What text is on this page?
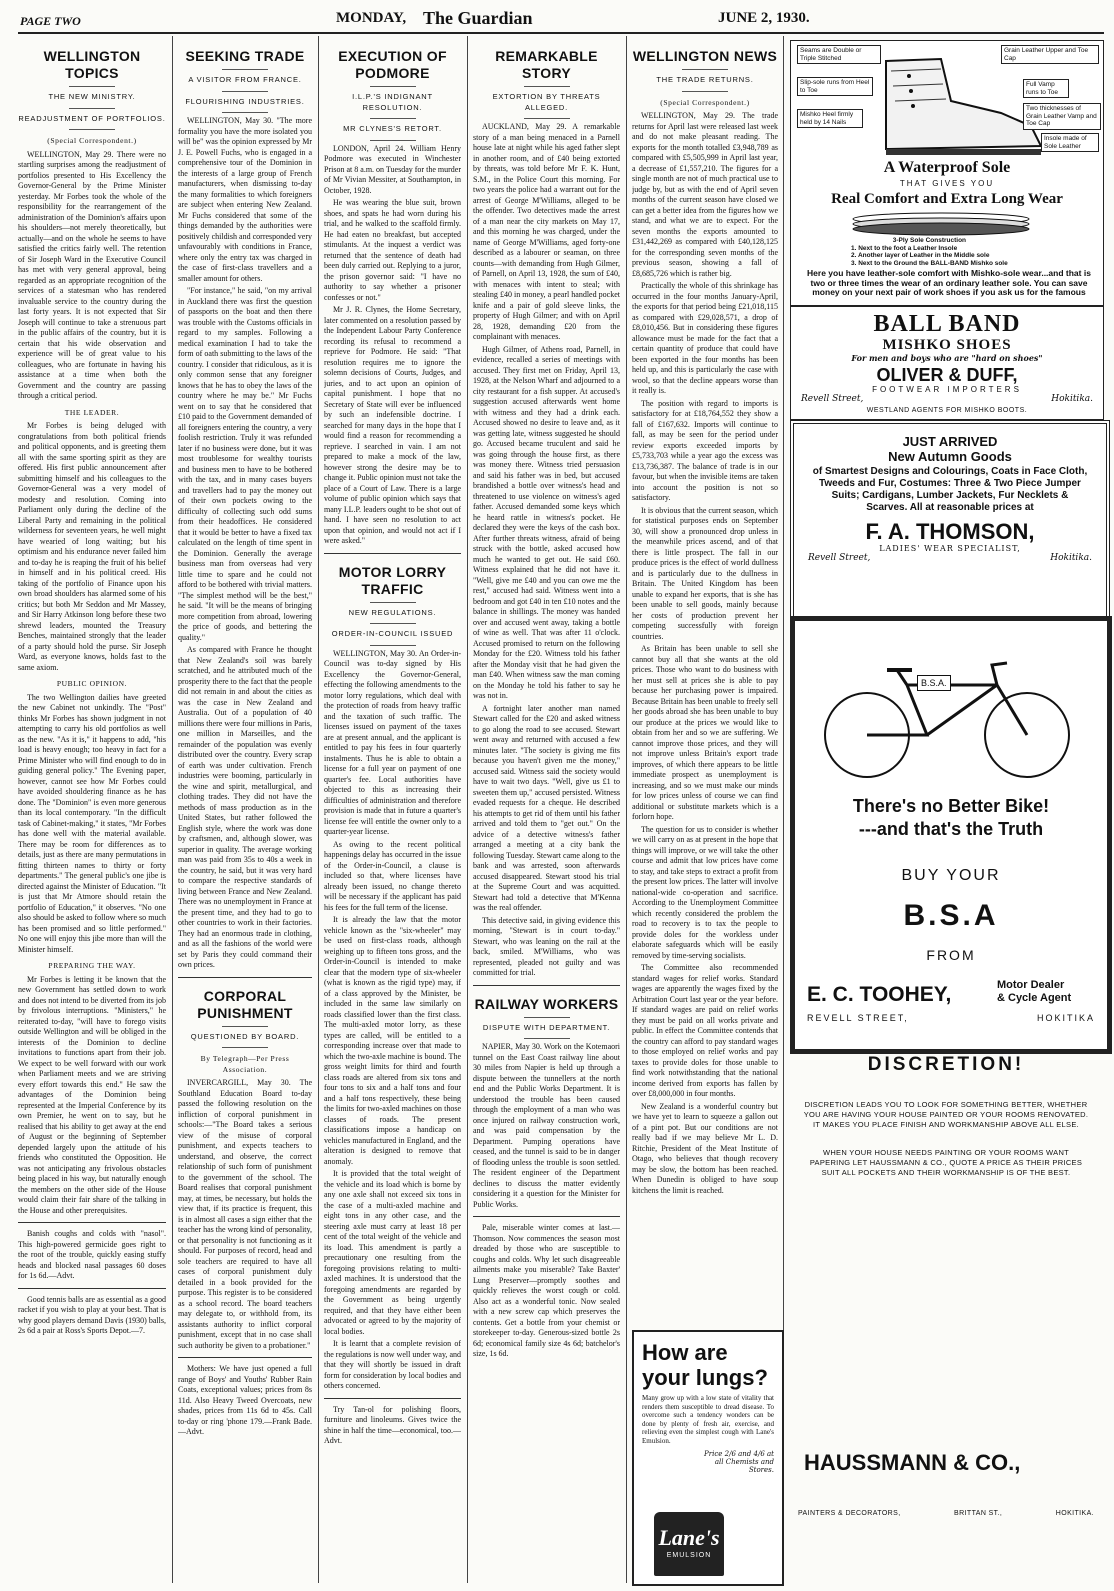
PAGE TWO	MONDAY, The Guardian	JUNE 2, 1930.
WELLINGTON TOPICS
THE NEW MINISTRY.
READJUSTMENT OF PORTFOLIOS.
(Special Correspondent.)

WELLINGTON, May 29. There were no startling surprises among the readjustment of portfolios presented to His Excellency the Governor-General by the Prime Minister yesterday. Mr Forbes took the whole of the responsibility for the rearrangement of the administration of the Dominion's affairs upon his shoulders—not merely theoretically, but actually—and on the whole he seems to have satisfied the critics fairly well. The retention of Sir Joseph Ward in the Executive Council has met with very general approval, being regarded as an appropriate recognition of the services of a statesman who has rendered invaluable service to the country during the last forty years. It is not expected that Sir Joseph will continue to take a strenuous part in the public affairs of the country, but it is certain that his wide observation and experience will be of great value to his colleagues, who are fortunate in having his assistance at a time when both the Government and the country are passing through a critical period.

THE LEADER.

Mr Forbes is being deluged with congratulations from both political friends and political opponents, and is greeting them all with the same sporting spirit as they are offered. His first public announcement after submitting himself and his colleagues to the Governor-General was a very model of modesty and resolution. Coming into Parliament only during the decline of the Liberal Party and remaining in the political wilderness for seventeen years, he well might have wearied of long waiting; but his optimism and his endurance never failed him and to-day he is reaping the fruit of his belief in himself and in his political creed. His taking of the portfolio of Finance upon his own broad shoulders has alarmed some of his critics; but both Mr Seddon and Mr Massey, and Sir Harry Atkinson long before these two shrewd leaders, mounted the Treasury Benches, maintained strongly that the leader of a party should hold the purse. Sir Joseph Ward, as everyone knows, holds fast to the same axiom.

PUBLIC OPINION.

The two Wellington dailies have greeted the new Cabinet not unkindly. The "Post" thinks Mr Forbes has shown judgment in not attempting to carry his old portfolios as well as the new. "As it is," it happens to add, "his load is heavy enough; too heavy in fact for a Prime Minister who will find enough to do in guiding general policy." The Evening paper, however, cannot see how Mr Forbes could have avoided shouldering finance as he has done. The "Dominion" is even more generous than its local contemporary. "In the difficult task of Cabinet-making," it states, "Mr Forbes has done well with the material available. There may be room for differences as to details, just as there are many permutations in fitting thirteen names to thirty or forty departments." The general public's one jibe is directed against the Minister of Education. "It is just that Mr Atmore should retain the portfolio of Education," it observes. "No one also should be asked to follow where so much has been promised and so little performed." No one will enjoy this jibe more than will the Minister himself.

PREPARING THE WAY.

Mr Forbes is letting it be known that the new Government has settled down to work and does not intend to be diverted from its job by frivolous interruptions. "Ministers," he reiterated to-day, "will have to forego visits outside Wellington and will be obliged in the interests of the Dominion to decline invitations to functions apart from their job. We expect to be well forward with our work when Parliament meets and we are striving every effort towards this end." He saw the advantages of the Dominion being represented at the Imperial Conference by its own Premier, he went on to say, but he realised that his ability to get away at the end of August or the beginning of September depended largely upon the attitude of his friends who constituted the Opposition. He was not anticipating any frivolous obstacles being placed in his way, but naturally enough the members on the other side of the House would claim their fair share of the talking in the House and other prerequisites.

Banish coughs and colds with "nasol". This high-powered germicide goes right to the root of the trouble, quickly easing stuffy heads and blocked nasal passages 60 doses for 1s 6d.—Advt.

Good tennis balls are as essential as a good racket if you wish to play at your best. That is why good players demand Davis (1930) balls, 2s 6d a pair at Ross's Sports Depot.—7.

SEEKING TRADE
A VISITOR FROM FRANCE.
FLOURISHING INDUSTRIES.

WELLINGTON, May 30. "The more formality you have the more isolated you will be" was the opinion expressed by Mr J. E. Powell Fuchs, who is engaged in a comprehensive tour of the Dominion in the interests of a large group of French manufacturers, when dismissing to-day the many formalities to which foreigners are subject when entering New Zealand. Mr Fuchs considered that some of the things demanded by the authorities were positively childish and corresponded very unfavourably with conditions in France, where only the entry tax was charged in the case of first-class travellers and a smaller amount for others.

"For instance," he said, "on my arrival in Auckland there was first the question of passports on the boat and then there was trouble with the Customs officials in regard to my samples. Following a medical examination I had to take the form of oath submitting to the laws of the country. I consider that ridiculous, as it is only common sense that any foreigner knows that he has to obey the laws of the country where he may be." Mr Fuchs went on to say that he considered that £10 paid to the Government demanded of all foreigners entering the country, a very foolish restriction. Truly it was refunded later if no business were done, but it was most troublesome for wealthy tourists and business men to have to be bothered with the tax, and in many cases buyers and travellers had to pay the money out of their own pockets owing to the difficulty of collecting such odd sums from their headoffices. He considered that it would be better to have a fixed tax calculated on the length of time spent in the Dominion. Generally the average business man from overseas had very little time to spare and he could not afford to be bothered with trivial matters. "The simplest method will be the best," he said. "It will be the means of bringing more competition from abroad, lowering the price of goods, and bettering the quality."

As compared with France he thought that New Zealand's soil was barely scratched, and he attributed much of the prosperity there to the fact that the people did not remain in and about the cities as was the case in New Zealand and Australia. Out of a population of 40 millions there were four millions in Paris, one million in Marseilles, and the remainder of the population was evenly distributed over the country. Every scrap of earth was under cultivation. French industries were booming, particularly in the wine and spirit, metallurgical, and clothing trades. They did not have the methods of mass production as in the United States, but rather followed the English style, where the work was done by craftsmen, and, although slower, was superior in quality. The average working man was paid from 35s to 40s a week in the country, he said, but it was very hard to compare the respective standards of living between France and New Zealand. There was no unemployment in France at the present time, and they had to go to other countries to work in their factories. They had an enormous trade in clothing, and as all the fashions of the world were set by Paris they could command their own prices.

CORPORAL PUNISHMENT
QUESTIONED BY BOARD.
By Telegraph—Per Press Association.

INVERCARGILL, May 30. The Southland Education Board to-day passed the following resolution on the infliction of corporal punishment in schools:—"The Board takes a serious view of the misuse of corporal punishment, and expects teachers to understand, and observe, the correct relationship of such form of punishment to the government of the school. The Board realises that corporal punishment may, at times, be necessary, but holds the view that, if its practice is frequent, this is in almost all cases a sign either that the teacher has the wrong kind of personality, or that personality is not functioning as it should. For purposes of record, head and sole teachers are required to have all cases of corporal punishment duly detailed in a book provided for the purpose. This register is to be considered as a school record. The board teachers may delegate to, or withhold from, its assistants authority to inflict corporal punishment, except that in no case shall such authority be given to a probationer."

Mothers: We have just opened a full range of Boys' and Youths' Rubber Rain Coats, exceptional values; prices from 8s 11d. Also Heavy Tweed Overcoats, new shades, prices from 11s 6d to 45s. Call to-day or ring 'phone 179.—Frank Bade.—Advt.

EXECUTION OF PODMORE
I.L.P.'S INDIGNANT RESOLUTION.
MR CLYNES'S RETORT.

LONDON, April 24. William Henry Podmore was executed in Winchester Prison at 8 a.m. on Tuesday for the murder of Mr Vivian Messiter, at Southampton, in October, 1928.

He was wearing the blue suit, brown shoes, and spats he had worn during his trial, and he walked to the scaffold firmly. He had eaten no breakfast, but accepted stimulants. At the inquest a verdict was returned that the sentence of death had been duly carried out. Replying to a juror, the prison governor said: "I have no authority to say whether a prisoner confesses or not."

Mr J. R. Clynes, the Home Secretary, later commented on a resolution passed by the Independent Labour Party Conference recording its refusal to recommend a reprieve for Podmore. He said: "That resolution requires me to ignore the solemn decisions of Courts, Judges, and juries, and to act upon an opinion of capital punishment. I hope that no Secretary of State will ever be influenced by such an indefensible doctrine. I searched for many days in the hope that I would find a reason for recommending a reprieve. I searched in vain. I am not prepared to make a mock of the law, however strong the desire may be to change it. Public opinion must not take the place of a Court of Law. There is a large volume of public opinion which says that many I.L.P. leaders ought to be shot out of hand. I have seen no resolution to act upon that opinion, and would not act if I were asked."

MOTOR LORRY TRAFFIC
NEW REGULATIONS.
ORDER-IN-COUNCIL ISSUED

WELLINGTON, May 30. An Order-in-Council was to-day signed by His Excellency the Governor-General, effecting the following amendments to the motor lorry regulations, which deal with the protection of roads from heavy traffic and the taxation of such traffic. The licenses issued on payment of the taxes are at present annual, and the applicant is entitled to pay his fees in four quarterly instalments. Thus he is able to obtain a license for a full year on payment of one quarter's fee. Local authorities have objected to this as increasing their difficulties of administration and therefore provision is made that in future a quarter's license fee will entitle the owner only to a quarter-year license.

As owing to the recent political happenings delay has occurred in the issue of the Order-in-Council, a clause is included so that, where licenses have already been issued, no change thereto will be necessary if the applicant has paid his fees for the full term of the license.

It is already the law that the motor vehicle known as the "six-wheeler" may be used on first-class roads, although weighing up to fifteen tons gross, and the Order-in-Council is intended to make clear that the modern type of six-wheeler (what is known as the rigid type) may, if of a class approved by the Minister, be included in the same law similarly on roads classified lower than the first class. The multi-axled motor lorry, as these types are called, will be entitled to a corresponding increase over that made to which the two-axle machine is bound. The gross weight limits for third and fourth class roads are altered from six tons and four tons to six and a half tons and four and a half tons respectively, these being the limits for two-axled machines on those classes of roads. The present classifications impose a handicap on vehicles manufactured in England, and the alteration is designed to remove that anomaly.

It is provided that the total weight of the vehicle and its load which is borne by any one axle shall not exceed six tons in the case of a multi-axled machine and eight tons in any other case, and the steering axle must carry at least 18 per cent of the total weight of the vehicle and its load. This amendment is partly a precautionary one resulting from the foregoing provisions relating to multi-axled machines. It is understood that the foregoing amendments are regarded by the Government as being urgently required, and that they have either been advocated or agreed to by the majority of local bodies.

It is learnt that a complete revision of the regulations is now well under way, and that they will shortly be issued in draft form for consideration by local bodies and others concerned.

Try Tan-ol for polishing floors, furniture and linoleums. Gives twice the shine in half the time—economical, too.—Advt.

REMARKABLE STORY
EXTORTION BY THREATS ALLEGED.

AUCKLAND, May 29. A remarkable story of a man being menaced in a Parnell house late at night while his aged father slept in another room, and of £40 being extorted by threats, was told before Mr F. K. Hunt, S.M., in the Police Court this morning. For two years the police had a warrant out for the arrest of George M'Williams, alleged to be the offender. Two detectives made the arrest of a man near the city markets on May 17, and this morning he was charged, under the name of George M'Williams, aged forty-one described as a labourer or seaman, on three counts—with demanding from Hugh Gilmer, of Parnell, on April 13, 1928, the sum of £40, with menaces with intent to steal; with stealing £40 in money, a pearl handled pocket knife and a pair of gold sleeve links, the property of Hugh Gilmer; and with on April 28, 1928, demanding £20 from the complainant with menaces.

Hugh Gilmer, of Athens road, Parnell, in evidence, recalled a series of meetings with accused. They first met on Friday, April 13, 1928, at the Nelson Wharf and adjourned to a city restaurant for a fish supper. At accused's suggestion accused afterwards went home with witness and they had a drink each. Accused showed no desire to leave and, as it was getting late, witness suggested he should go. Accused became truculent and said he was going through the house first, as there was money there. Witness tried persuasion and said his father was in bed, but accused brandished a bottle over witness's head and threatened to use violence on witness's aged father. Accused demanded some keys which he heard rattle in witness's pocket. He declared they were the keys of the cash box. After further threats witness, afraid of being struck with the bottle, asked accused how much he wanted to get out. He said £60. Witness explained that he did not have it. "Well, give me £40 and you can owe me the rest," accused had said. Witness went into a bedroom and got £40 in ten £10 notes and the balance in shillings. The money was handed over and accused went away, taking a bottle of wine as well. That was after 11 o'clock. Accused promised to return on the following Monday for the £20. Witness told his father after the Monday visit that he had given the man £40. When witness saw the man coming on the Monday he told his father to say he was not in.

A fortnight later another man named Stewart called for the £20 and asked witness to go along the road to see accused. Stewart went away and returned with accused a few minutes later. "The society is giving me fits because you haven't given me the money," accused said. Witness said the society would have to wait two days. "Well, give us £1 to sweeten them up," accused persisted. Witness evaded requests for a cheque. He described his attempts to get rid of them until his father arrived and told them to "get out." On the advice of a detective witness's father arranged a meeting at a city bank the following Tuesday. Stewart came along to the bank and was arrested, soon afterwards accused disappeared. Stewart stood his trial at the Supreme Court and was acquitted. Stewart had told a detective that M'Kenna was the real offender.

This detective said, in giving evidence this morning, "Stewart is in court to-day." Stewart, who was leaning on the rail at the back, smiled. M'Williams, who was represented, pleaded not guilty and was committed for trial.

RAILWAY WORKERS
DISPUTE WITH DEPARTMENT.

NAPIER, May 30. Work on the Kotemaori tunnel on the East Coast railway line about 30 miles from Napier is held up through a dispute between the tunnellers at the north end and the Public Works Department. It is understood the trouble has been caused through the employment of a man who was once injured on railway construction work, and was paid compensation by the Department. Pumping operations have ceased, and the tunnel is said to be in danger of flooding unless the trouble is soon settled. The resident engineer of the Department declines to discuss the matter evidently considering it a question for the Minister for Public Works.

Pale, miserable winter comes at last.—Thomson. Now commences the season most dreaded by those who are susceptible to coughs and colds. Why let such disagreeable ailments make you miserable? Take Baxter' Lung Preserver—promptly soothes and quickly relieves the worst cough or cold. Also act as a wonderful tonic. Now sealed with a new screw cap which preserves the contents. Get a bottle from your chemist or storekeeper to-day. Generous-sized bottle 2s 6d; economical family size 4s 6d; batchelor's size, 1s 6d.	How are
your lungs?
Many grow up with a low state of vitality that renders them susceptible to dread disease. To overcome such a tendency wonders can be done by plenty of fresh air, exercise, and relieving even the simplest cough with Lane's Emulsion.
Price 2/6 and 4/6 at all Chemists and Stores.
Lane's
EMULSION
WELLINGTON NEWS
THE TRADE RETURNS.
(Special Correspondent.)

WELLINGTON, May 29. The trade returns for April last were released last week and do not make pleasant reading. The exports for the month totalled £3,948,789 as compared with £5,505,999 in April last year, a decrease of £1,557,210. The figures for a single month are not of much practical use to judge by, but as with the end of April seven months of the current season have closed we can get a better idea from the figures how we stand, and what we are to expect. For the seven months the exports amounted to £31,442,269 as compared with £40,128,125 for the corresponding seven months of the previous season, showing a fall of £8,685,726 which is rather big.

Practically the whole of this shrinkage has occurred in the four months January-April, the exports for that period being £21,018,115 as compared with £29,028,571, a drop of £8,010,456. But in considering these figures allowance must be made for the fact that a certain quantity of produce that could have been exported in the four months has been held up, and this is particularly the case with wool, so that the decline appears worse than it really is.

The position with regard to imports is satisfactory for at £18,764,552 they show a fall of £167,632. Imports will continue to fall, as may be seen for the period under review exports exceeded imports by £5,733,703 while a year ago the excess was £13,736,387. The balance of trade is in our favour, but when the invisible items are taken into account the position is not so satisfactory.

It is obvious that the current season, which for statistical purposes ends on September 30, will show a pronounced drop unless in the meanwhile prices ascend, and of that there is little prospect. The fall in our produce prices is the effect of world dullness and is particularly due to the dullness in Britain. The United Kingdom has been unable to expand her exports, that is she has been unable to sell goods, mainly because her costs of production prevent her competing successfully with foreign countries.

As Britain has been unable to sell she cannot buy all that she wants at the old prices. Those who want to do business with her must sell at prices she is able to pay because her purchasing power is impaired. Because Britain has been unable to freely sell her goods abroad she has been unable to buy our produce at the prices we would like to obtain from her and so we are suffering. We cannot improve those prices, and they will not improve unless Britain's export trade improves, of which there appears to be little immediate prospect as unemployment is increasing, and so we must make our minds for low prices unless of course we can find additional or substitute markets which is a forlorn hope.

The question for us to consider is whether we will carry on as at present in the hope that things will improve, or we will take the other course and admit that low prices have come to stay, and take steps to extract a profit from the present low prices. The latter will involve national-wide co-operation and sacrifice. According to the Unemployment Committee which recently considered the problem the road to recovery is to tax the people to provide doles for the workless under elaborate safeguards which will be easily removed by time-serving socialists.

The Committee also recommended standard wages for relief works. Standard wages are apparently the wages fixed by the Arbitration Court last year or the year before. If standard wages are paid on relief works they must be paid on all works private and public. In effect the Committee contends that the country can afford to pay standard wages to those employed on relief works and pay taxes to provide doles for those unable to find work notwithstanding that the national income derived from exports has fallen by over £8,000,000 in four months.

New Zealand is a wonderful country but we have yet to learn to squeeze a gallon out of a pint pot. But our conditions are not really bad if we may believe Mr L. D. Ritchie, President of the Meat Institute of Otago, who believes that though recovery may be slow, the bottom has been reached. When Dunedin is obliged to have soup kitchens the limit is reached.

Seams are Double or Triple Stitched
Grain Leather Upper and Toe Cap
Slip-sole runs from Heel to Toe
Full Vamp runs to Toe
Two thicknesses of Grain Leather Vamp and Toe Cap
Mishko Heel firmly held by 14 Nails
Insole made of Sole Leather
A Waterproof Sole
THAT GIVES YOU
Real Comfort and Extra Long Wear
3-Ply Sole Construction
1. Next to the foot a Leather Insole
2. Another layer of Leather in the Middle sole
3. Next to the Ground the BALL-BAND Mishko sole
Here you have leather-sole comfort with Mishko-sole wear...and that is two or three times the wear of an ordinary leather sole. You can save money on your next pair of work shoes if you ask us for the famous
BALL BAND
MISHKO SHOES
For men and boys who are "hard on shoes"
OLIVER & DUFF,
FOOTWEAR IMPORTERS
Revell Street,	Hokitika.
WESTLAND AGENTS FOR MISHKO BOOTS.
JUST ARRIVED
New Autumn Goods
of Smartest Designs and Colourings, Coats in Face Cloth, Tweeds and Fur, Costumes: Three & Two Piece Jumper Suits; Cardigans, Lumber Jackets, Fur Necklets & Scarves. All at reasonable prices at
F. A. THOMSON,
LADIES' WEAR SPECIALIST,
Revell Street,	Hokitika.
B.S.A.
There's no Better Bike!
---and that's the Truth
BUY YOUR
B.S.A
FROM
E. C. TOOHEY,	Motor Dealer
& Cycle Agent
REVELL STREET,	HOKITIKA
DISCRETION!
DISCRETION LEADS YOU TO LOOK FOR SOMETHING BETTER, WHETHER YOU ARE HAVING YOUR HOUSE PAINTED OR YOUR ROOMS RENOVATED. IT MAKES YOU PLACE FINISH AND WORKMANSHIP ABOVE ALL ELSE.
WHEN YOUR HOUSE NEEDS PAINTING OR YOUR ROOMS WANT PAPERING LET HAUSSMANN & CO., QUOTE A PRICE AS THEIR PRICES SUIT ALL POCKETS AND THEIR WORKMANSHIP IS OF THE BEST.
HAUSSMANN & CO.,
PAINTERS & DECORATORS,	BRITTAN ST.,	HOKITIKA.
